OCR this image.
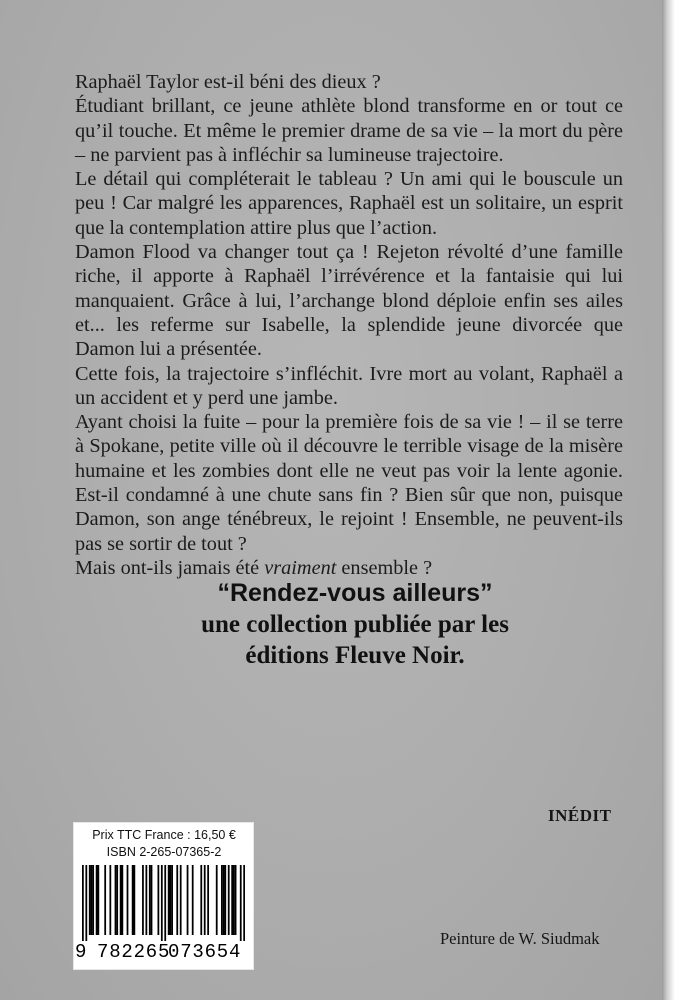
Raphaël Taylor est-il béni des dieux ?

Étudiant brillant, ce jeune athlète blond transforme en or tout ce qu’il touche. Et même le premier drame de sa vie – la mort du père – ne parvient pas à infléchir sa lumineuse trajectoire.

Le détail qui compléterait le tableau ? Un ami qui le bouscule un peu ! Car malgré les apparences, Raphaël est un solitaire, un esprit que la contemplation attire plus que l’action.

Damon Flood va changer tout ça ! Rejeton révolté d’une famille riche, il apporte à Raphaël l’irrévérence et la fantaisie qui lui manquaient. Grâce à lui, l’archange blond déploie enfin ses ailes et... les referme sur Isabelle, la splendide jeune divorcée que Damon lui a présentée.

Cette fois, la trajectoire s’infléchit. Ivre mort au volant, Raphaël a un accident et y perd une jambe.

Ayant choisi la fuite – pour la première fois de sa vie ! – il se terre à Spokane, petite ville où il découvre le terrible visage de la misère humaine et les zombies dont elle ne veut pas voir la lente agonie. Est-il condamné à une chute sans fin ? Bien sûr que non, puisque Damon, son ange ténébreux, le rejoint ! Ensemble, ne peuvent-ils pas se sortir de tout ?

Mais ont-ils jamais été vraiment ensemble ?

“Rendez-vous ailleurs”

une collection publiée par les

éditions Fleuve Noir.

INÉDIT
Prix TTC France : 16,50 €
ISBN 2-265-07365-2
9 782265
073654
Peinture de W. Siudmak
